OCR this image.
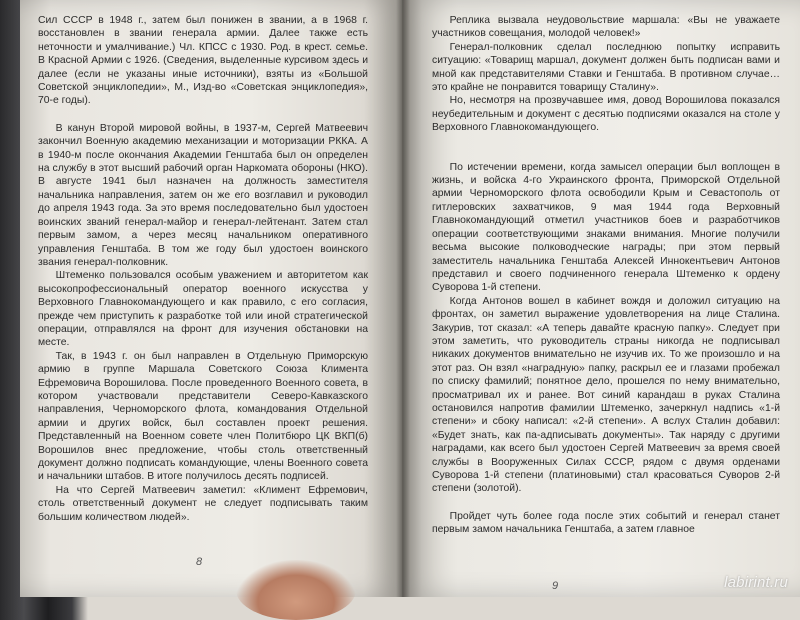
Сил СССР в 1948 г., затем был понижен в звании, а в 1968 г. восстановлен в звании генерала армии. Далее также есть неточности и умалчивание.) Чл. КПСС с 1930. Род. в крест. семье. В Красной Армии с 1926. (Сведения, выделенные курсивом здесь и далее (если не указаны иные источники), взяты из «Большой Советской энциклопедии», М., Изд-во «Советская энциклопедия», 70-е годы).

В канун Второй мировой войны, в 1937-м, Сергей Матвеевич закончил Военную академию механизации и моторизации РККА. А в 1940-м после окончания Академии Генштаба был он определен на службу в этот высший рабочий орган Наркомата обороны (НКО). В августе 1941 был назначен на должность заместителя начальника направления, затем он же его возглавил и руководил до апреля 1943 года. За это время последовательно был удостоен воинских званий генерал-майор и генерал-лейтенант. Затем стал первым замом, а через месяц начальником оперативного управления Генштаба. В том же году был удостоен воинского звания генерал-полковник.

Штеменко пользовался особым уважением и авторитетом как высокопрофессиональный оператор военного искусства у Верховного Главнокомандующего и как правило, с его согласия, прежде чем приступить к разработке той или иной стратегической операции, отправлялся на фронт для изучения обстановки на месте.

Так, в 1943 г. он был направлен в Отдельную Приморскую армию в группе Маршала Советского Союза Климента Ефремовича Ворошилова. После проведенного Военного совета, в котором участвовали представители Северо-Кавказского направления, Черноморского флота, командования Отдельной армии и других войск, был составлен проект решения. Представленный на Военном совете член Политбюро ЦК ВКП(б) Ворошилов внес предложение, чтобы столь ответственный документ должно подписать командующие, члены Военного совета и начальники штабов. В итоге получилось десять подписей.

На что Сергей Матвеевич заметил: «Климент Ефремович, столь ответственный документ не следует подписывать таким большим количеством людей».

8

Реплика вызвала неудовольствие маршала: «Вы не уважаете участников совещания, молодой человек!»

Генерал-полковник сделал последнюю попытку исправить ситуацию: «Товарищ маршал, документ должен быть подписан вами и мной как представителями Ставки и Генштаба. В противном случае… это крайне не понравится товарищу Сталину».

Но, несмотря на прозвучавшее имя, довод Ворошилова показался неубедительным и документ с десятью подписями оказался на столе у Верховного Главнокомандующего.

По истечении времени, когда замысел операции был воплощен в жизнь, и войска 4-го Украинского фронта, Приморской Отдельной армии Черноморского флота освободили Крым и Севастополь от гитлеровских захватчиков, 9 мая 1944 года Верховный Главнокомандующий отметил участников боев и разработчиков операции соответствующими знаками внимания. Многие получили весьма высокие полководческие награды; при этом первый заместитель начальника Генштаба Алексей Иннокентьевич Антонов представил и своего подчиненного генерала Штеменко к ордену Суворова 1-й степени.

Когда Антонов вошел в кабинет вождя и доложил ситуацию на фронтах, он заметил выражение удовлетворения на лице Сталина. Закурив, тот сказал: «А теперь давайте красную папку». Следует при этом заметить, что руководитель страны никогда не подписывал никаких документов внимательно не изучив их. То же произошло и на этот раз. Он взял «наградную» папку, раскрыл ее и глазами пробежал по списку фамилий; понятное дело, прошелся по нему внимательно, просматривал их и ранее. Вот синий карандаш в руках Сталина остановился напротив фамилии Штеменко, зачеркнул надпись «1-й степени» и сбоку написал: «2-й степени». А вслух Сталин добавил: «Будет знать, как па-адписывать документы». Так наряду с другими наградами, как всего был удостоен Сергей Матвеевич за время своей службы в Вооруженных Силах СССР, рядом с двумя орденами Суворова 1-й степени (платиновыми) стал красоваться Суворов 2-й степени (золотой).

Пройдет чуть более года после этих событий и генерал станет первым замом начальника Генштаба, а затем главное

9	labirint.ru
